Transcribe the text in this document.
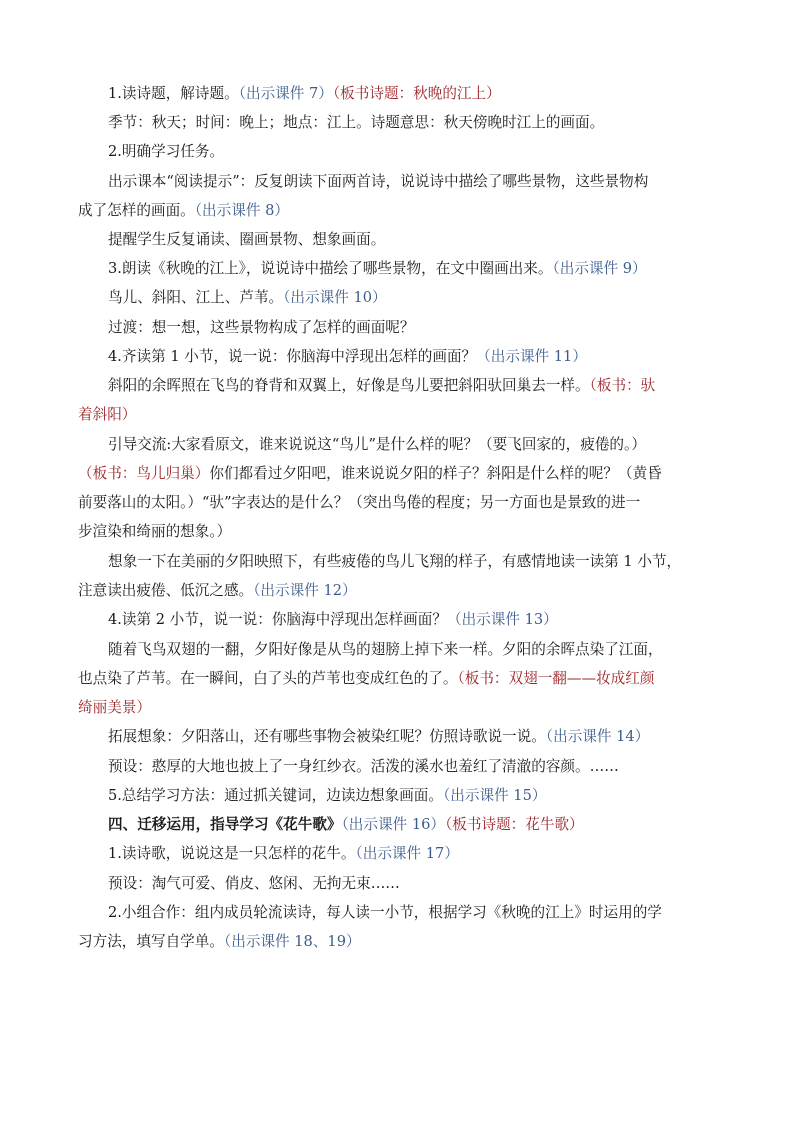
1.读诗题，解诗题。（出示课件 7）（板书诗题：秋晚的江上）
季节：秋天；时间：晚上；地点：江上。诗题意思：秋天傍晚时江上的画面。
2.明确学习任务。
出示课本“阅读提示”：反复朗读下面两首诗，说说诗中描绘了哪些景物，这些景物构
成了怎样的画面。（出示课件 8）
提醒学生反复诵读、圈画景物、想象画面。
3.朗读《秋晚的江上》，说说诗中描绘了哪些景物，在文中圈画出来。（出示课件 9）
鸟儿、斜阳、江上、芦苇。（出示课件 10）
过渡：想一想，这些景物构成了怎样的画面呢？
4.齐读第 1 小节，说一说：你脑海中浮现出怎样的画面？（出示课件 11）
斜阳的余晖照在飞鸟的脊背和双翼上，好像是鸟儿要把斜阳驮回巢去一样。（板书：驮
着斜阳）
引导交流:大家看原文，谁来说说这“鸟儿”是什么样的呢？（要飞回家的，疲倦的。）
（板书：鸟儿归巢）你们都看过夕阳吧，谁来说说夕阳的样子？斜阳是什么样的呢？（黄昏
前要落山的太阳。）“驮”字表达的是什么？（突出鸟倦的程度；另一方面也是景致的进一
步渲染和绮丽的想象。）
想象一下在美丽的夕阳映照下，有些疲倦的鸟儿飞翔的样子，有感情地读一读第 1 小节，
注意读出疲倦、低沉之感。（出示课件 12）
4.读第 2 小节，说一说：你脑海中浮现出怎样画面？（出示课件 13）
随着飞鸟双翅的一翻，夕阳好像是从鸟的翅膀上掉下来一样。夕阳的余晖点染了江面，
也点染了芦苇。在一瞬间，白了头的芦苇也变成红色的了。（板书：双翅一翻——妆成红颜
绮丽美景）
拓展想象：夕阳落山，还有哪些事物会被染红呢？仿照诗歌说一说。（出示课件 14）
预设：憨厚的大地也披上了一身红纱衣。活泼的溪水也羞红了清澈的容颜。……
5.总结学习方法：通过抓关键词，边读边想象画面。（出示课件 15）
四、迁移运用，指导学习《花牛歌》（出示课件 16）（板书诗题：花牛歌）
1.读诗歌，说说这是一只怎样的花牛。（出示课件 17）
预设：淘气可爱、俏皮、悠闲、无拘无束……
2.小组合作：组内成员轮流读诗，每人读一小节，根据学习《秋晚的江上》时运用的学
习方法，填写自学单。（出示课件 18、19）
